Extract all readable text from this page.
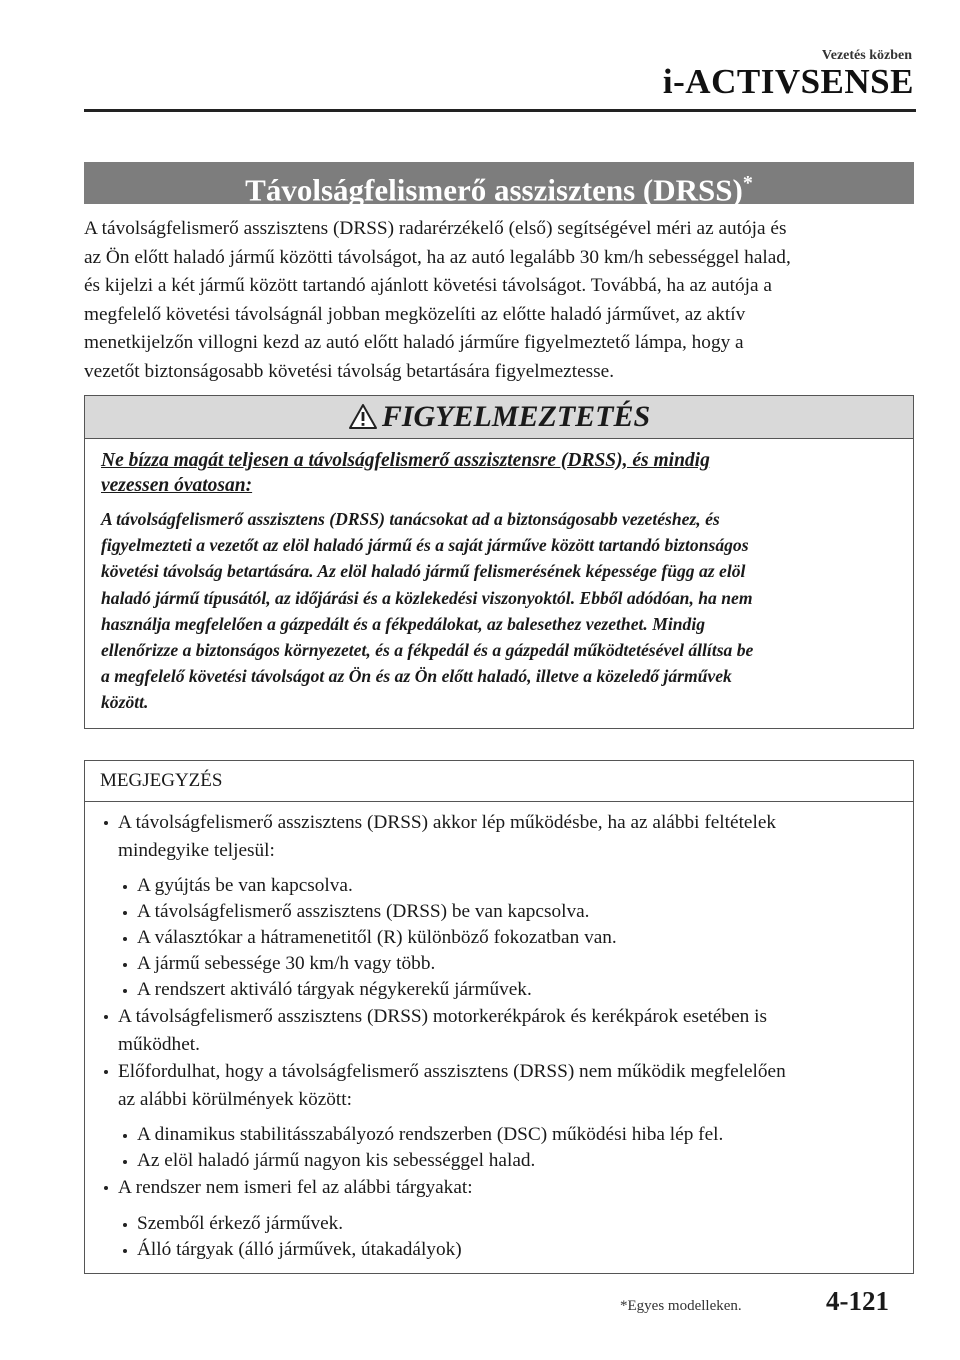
Vezetés közben
i-ACTIVSENSE
Távolságfelismerő asszisztens (DRSS)*

A távolságfelismerő asszisztens (DRSS) radarérzékelő (első) segítségével méri az autója és
az Ön előtt haladó jármű közötti távolságot, ha az autó legalább 30 km/h sebességgel halad,
és kijelzi a két jármű között tartandó ajánlott követési távolságot. Továbbá, ha az autója a
megfelelő követési távolságnál jobban megközelíti az előtte haladó járművet, az aktív
menetkijelzőn villogni kezd az autó előtt haladó járműre figyelmeztető lámpa, hogy a
vezetőt biztonságosabb követési távolság betartására figyelmeztesse.

FIGYELMEZTETÉS
Ne bízza magát teljesen a távolságfelismerő asszisztensre (DRSS), és mindig
vezessen óvatosan:
A távolságfelismerő asszisztens (DRSS) tanácsokat ad a biztonságosabb vezetéshez, és
figyelmezteti a vezetőt az elöl haladó jármű és a saját járműve között tartandó biztonságos
követési távolság betartására. Az elöl haladó jármű felismerésének képessége függ az elöl
haladó jármű típusától, az időjárási és a közlekedési viszonyoktól. Ebből adódóan, ha nem
használja megfelelően a gázpedált és a fékpedálokat, az balesethez vezethet. Mindig
ellenőrizze a biztonságos környezetet, és a fékpedál és a gázpedál működtetésével állítsa be
a megfelelő követési távolságot az Ön és az Ön előtt haladó, illetve a közeledő járművek
között.
MEGJEGYZÉS
A távolságfelismerő asszisztens (DRSS) akkor lép működésbe, ha az alábbi feltételek
mindegyike teljesül:
A gyújtás be van kapcsolva.
A távolságfelismerő asszisztens (DRSS) be van kapcsolva.
A választókar a hátramenetitől (R) különböző fokozatban van.
A jármű sebessége 30 km/h vagy több.
A rendszert aktiváló tárgyak négykerekű járművek.
A távolságfelismerő asszisztens (DRSS) motorkerékpárok és kerékpárok esetében is
működhet.
Előfordulhat, hogy a távolságfelismerő asszisztens (DRSS) nem működik megfelelően
az alábbi körülmények között:
A dinamikus stabilitásszabályozó rendszerben (DSC) működési hiba lép fel.
Az elöl haladó jármű nagyon kis sebességgel halad.
A rendszer nem ismeri fel az alábbi tárgyakat:
Szemből érkező járművek.
Álló tárgyak (álló járművek, útakadályok)
*Egyes modelleken.	4-121
